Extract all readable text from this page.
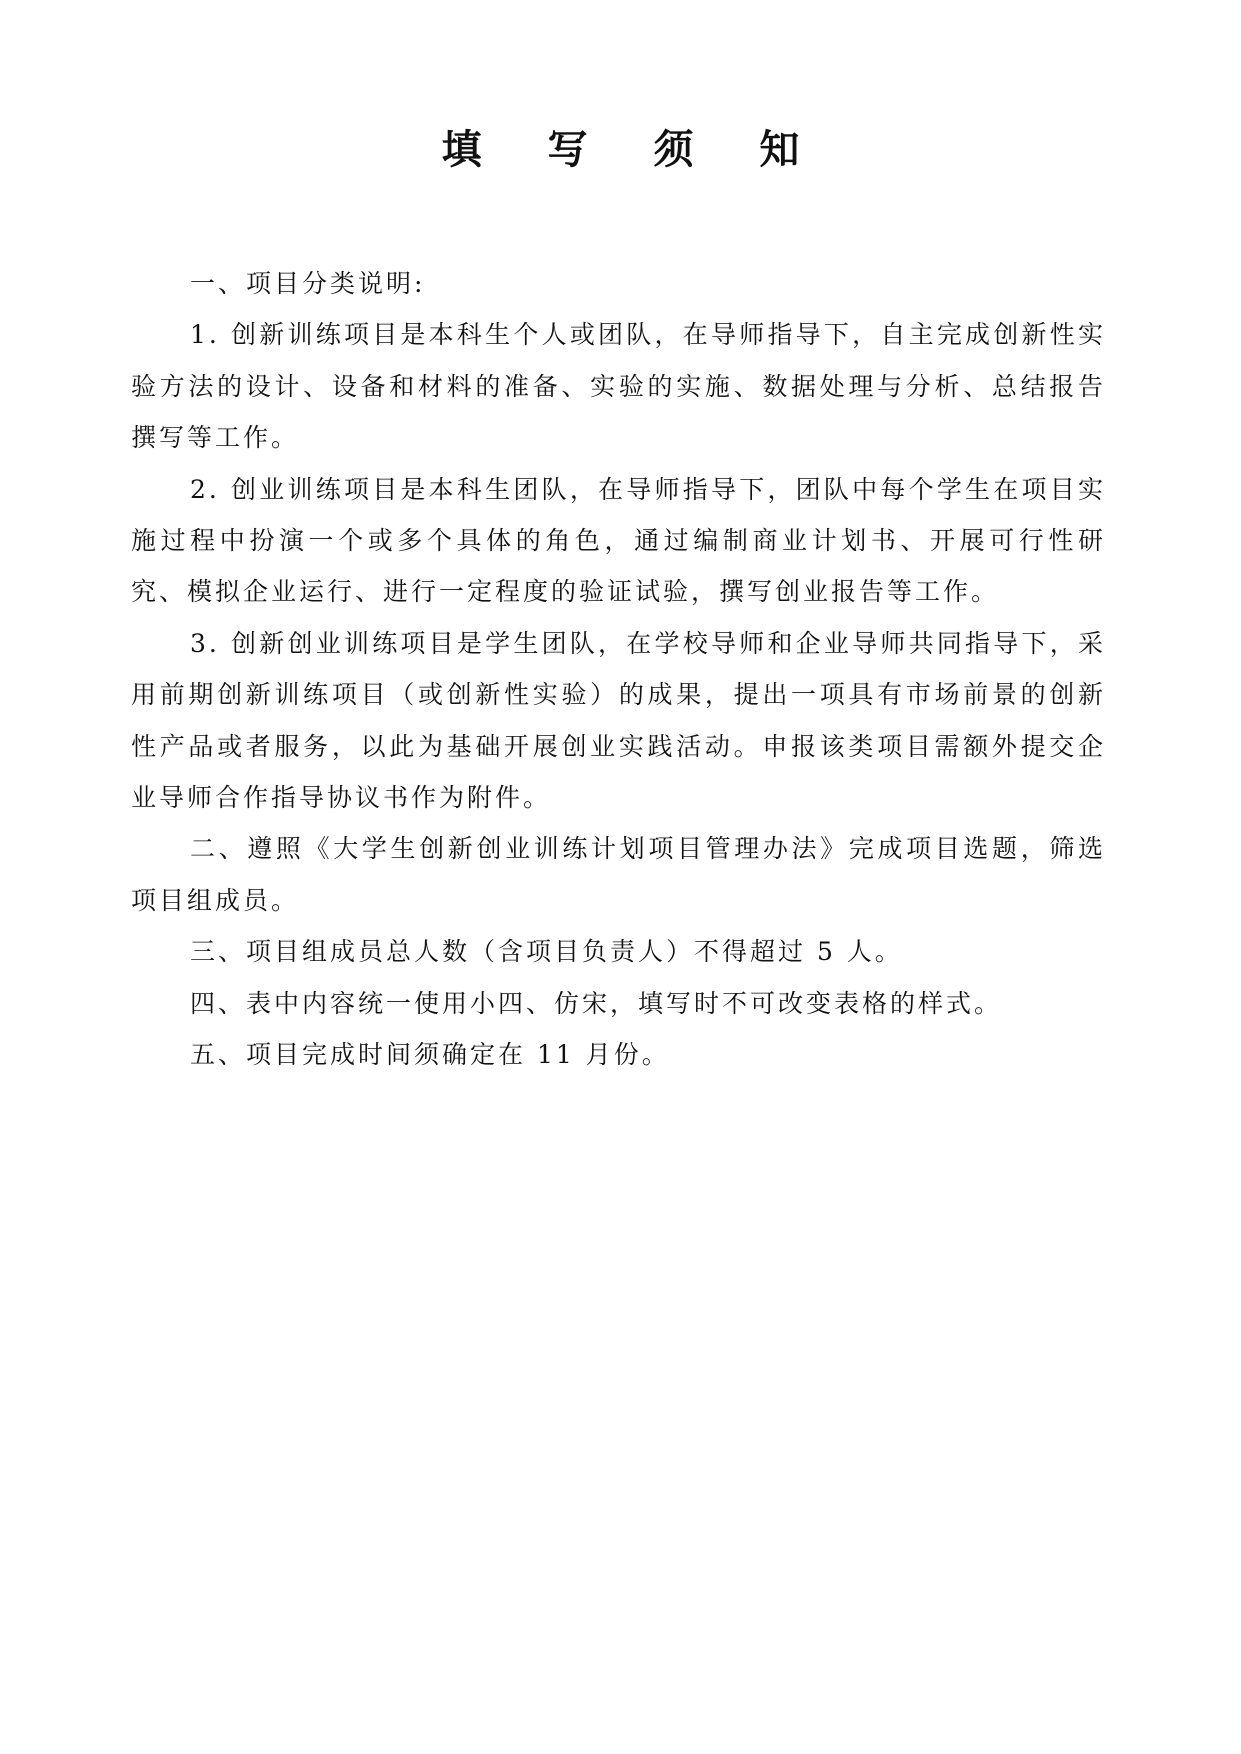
填 写 须 知

一、项目分类说明:

1. 创新训练项目是本科生个人或团队，在导师指导下，自主完成创新性实验方法的设计、设备和材料的准备、实验的实施、数据处理与分析、总结报告撰写等工作。

2. 创业训练项目是本科生团队，在导师指导下，团队中每个学生在项目实施过程中扮演一个或多个具体的角色，通过编制商业计划书、开展可行性研究、模拟企业运行、进行一定程度的验证试验，撰写创业报告等工作。

3. 创新创业训练项目是学生团队，在学校导师和企业导师共同指导下，采用前期创新训练项目（或创新性实验）的成果，提出一项具有市场前景的创新性产品或者服务，以此为基础开展创业实践活动。申报该类项目需额外提交企业导师合作指导协议书作为附件。

二、遵照《大学生创新创业训练计划项目管理办法》完成项目选题，筛选项目组成员。

三、项目组成员总人数（含项目负责人）不得超过 5 人。

四、表中内容统一使用小四、仿宋，填写时不可改变表格的样式。

五、项目完成时间须确定在 11 月份。
